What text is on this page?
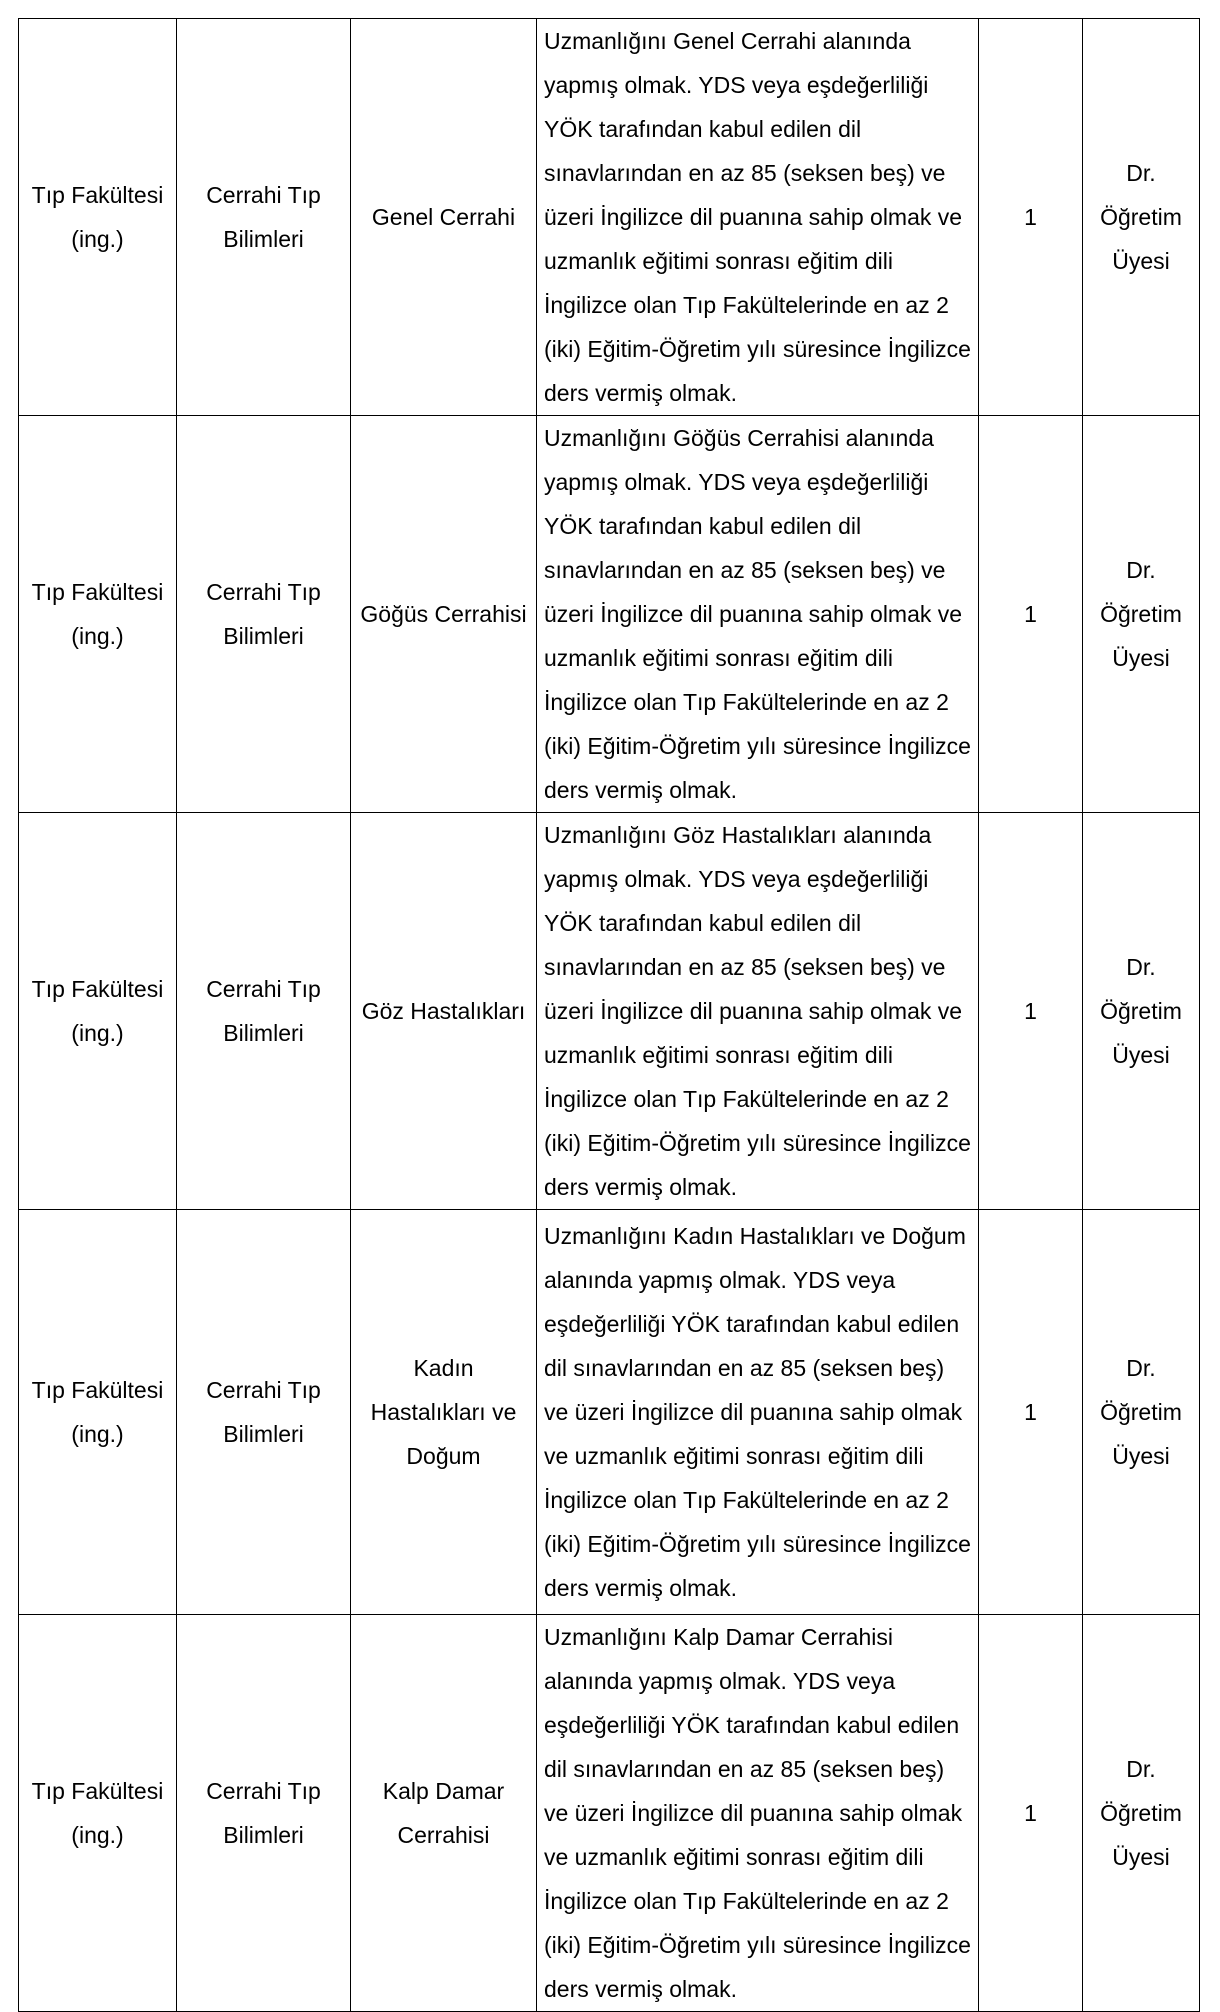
Tıp Fakültesi (ing.)	Cerrahi Tıp Bilimleri	Genel Cerrahi	Uzmanlığını Genel Cerrahi alanında yapmış olmak. YDS veya eşdeğerliliği YÖK tarafından kabul edilen dil sınavlarından en az 85 (seksen beş) ve üzeri İngilizce dil puanına sahip olmak ve uzmanlık eğitimi sonrası eğitim dili İngilizce olan Tıp Fakültelerinde en az 2 (iki) Eğitim-Öğretim yılı süresince İngilizce ders vermiş olmak.	1	Dr. Öğretim Üyesi
Tıp Fakültesi (ing.)	Cerrahi Tıp Bilimleri	Göğüs Cerrahisi	Uzmanlığını Göğüs Cerrahisi alanında yapmış olmak. YDS veya eşdeğerliliği YÖK tarafından kabul edilen dil sınavlarından en az 85 (seksen beş) ve üzeri İngilizce dil puanına sahip olmak ve uzmanlık eğitimi sonrası eğitim dili İngilizce olan Tıp Fakültelerinde en az 2 (iki) Eğitim-Öğretim yılı süresince İngilizce ders vermiş olmak.	1	Dr. Öğretim Üyesi
Tıp Fakültesi (ing.)	Cerrahi Tıp Bilimleri	Göz Hastalıkları	Uzmanlığını Göz Hastalıkları alanında yapmış olmak. YDS veya eşdeğerliliği YÖK tarafından kabul edilen dil sınavlarından en az 85 (seksen beş) ve üzeri İngilizce dil puanına sahip olmak ve uzmanlık eğitimi sonrası eğitim dili İngilizce olan Tıp Fakültelerinde en az 2 (iki) Eğitim-Öğretim yılı süresince İngilizce ders vermiş olmak.	1	Dr. Öğretim Üyesi
Tıp Fakültesi (ing.)	Cerrahi Tıp Bilimleri	Kadın Hastalıkları ve Doğum	Uzmanlığını Kadın Hastalıkları ve Doğum alanında yapmış olmak. YDS veya eşdeğerliliği YÖK tarafından kabul edilen dil sınavlarından en az 85 (seksen beş) ve üzeri İngilizce dil puanına sahip olmak ve uzmanlık eğitimi sonrası eğitim dili İngilizce olan Tıp Fakültelerinde en az 2 (iki) Eğitim-Öğretim yılı süresince İngilizce ders vermiş olmak.	1	Dr. Öğretim Üyesi
Tıp Fakültesi (ing.)	Cerrahi Tıp Bilimleri	Kalp Damar Cerrahisi	Uzmanlığını Kalp Damar Cerrahisi alanında yapmış olmak. YDS veya eşdeğerliliği YÖK tarafından kabul edilen dil sınavlarından en az 85 (seksen beş) ve üzeri İngilizce dil puanına sahip olmak ve uzmanlık eğitimi sonrası eğitim dili İngilizce olan Tıp Fakültelerinde en az 2 (iki) Eğitim-Öğretim yılı süresince İngilizce ders vermiş olmak.	1	Dr. Öğretim Üyesi
